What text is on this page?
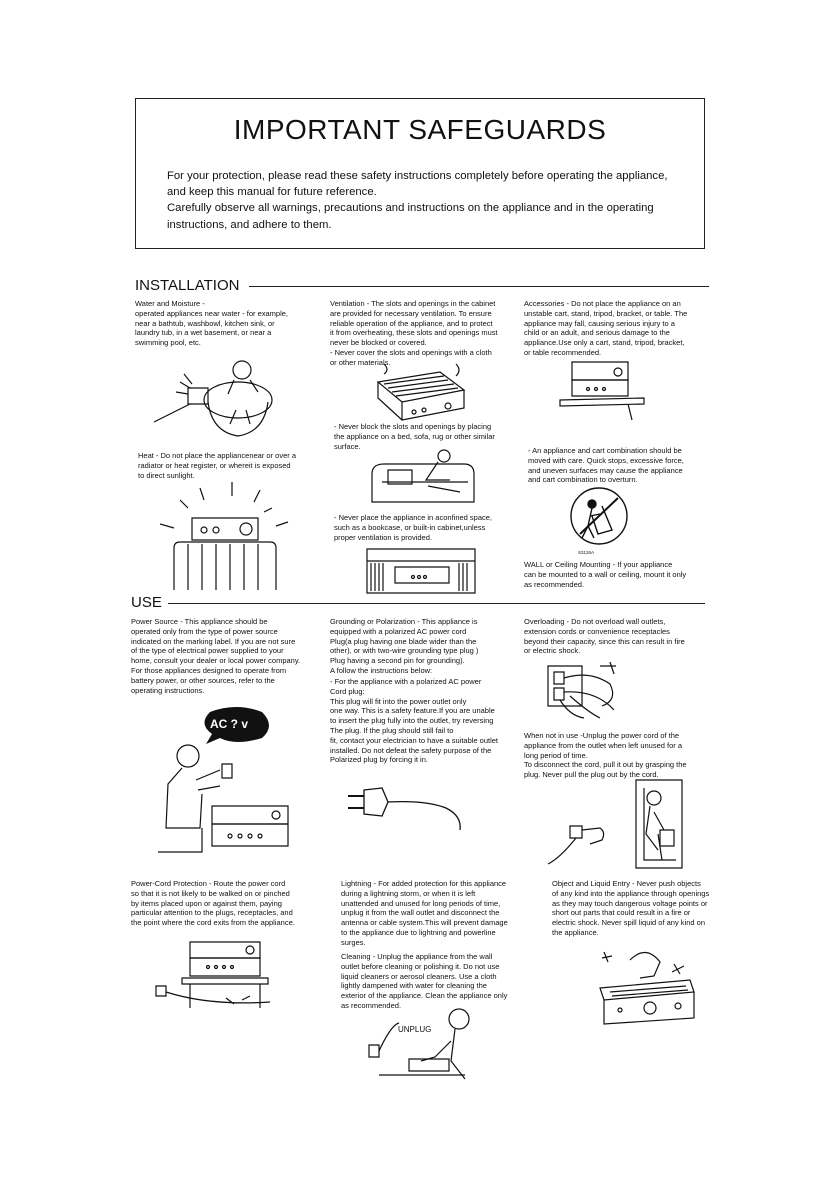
IMPORTANT SAFEGUARDS
For your protection, please read these safety instructions completely before operating the appliance,
and keep this manual for future reference.
Carefully observe all warnings, precautions and instructions on the appliance and in the operating
instructions, and adhere to them.
INSTALLATION
Water and Moisture -
operated appliances near water - for example,
near a bathtub, washbowl, kitchen sink, or
laundry tub, in a wet basement, or near a
swimming pool, etc.
Heat - Do not place the appliancenear or over a
radiator or heat register, or whereit is exposed
to direct sunlight.
Ventilation - The slots and openings in the cabinet
are provided for necessary ventilation. To ensure
reliable operation of the appliance, and to protect
it from overheating, these slots and openings must
never be blocked or covered.
- Never cover the slots and openings with a cloth
or other materials.
- Never block the slots and openings by placing
the appliance on a bed, sofa, rug or other similar
surface.
- Never place the appliance in aconfined space,
such as a bookcase, or built-in cabinet,unless
proper ventilation is provided.
Accessories - Do not place the appliance on an
unstable cart, stand, tripod, bracket, or table. The
appliance may fall, causing serious injury to a
child or an adult, and serious damage to the
appliance.Use only a cart, stand, tripod, bracket,
or table recommended.
- An appliance and cart combination should be
moved with care. Quick stops, excessive force,
and uneven surfaces may cause the appliance
and cart combination to overturn.
S3126A
WALL or Ceiling Mounting - If your appliance
can be mounted to a wall or ceiling, mount it only
as recommended.
USE
Power Source - This appliance should be
operated only from the type of power source
indicated on the marking label. If you are not sure
of the type of electrical power supplied to your
home, consult your dealer or local power company.
For those appliances designed to operate from
battery power, or other sources, refer to the
operating instructions.
AC ? v
Grounding or Polarization - This appliance is
equipped with a polarized AC power cord
Plug(a plug having one blade wider than the
other), or with two-wire grounding type plug )
Plug having a second pin for grounding).
A follow the instructions below:
- For the appliance with a polarized AC power
Cord plug:
This plug will fit into the power outlet only
one way. This is a safety feature.If you are unable
to insert the plug fully into the outlet, try reversing
The plug. If the plug should still fail to
fit, contact your electrician to have a suitable outlet
installed. Do not defeat the safety purpose of the
Polarized plug by forcing it in.
Overloading - Do not overload wall outlets,
extension cords or convenience receptacles
beyond their capacity, since this can result in fire
or electric shock.
When not in use -Unplug the power cord of the
appliance from the outlet when left unused for a
long period of time.
To disconnect the cord, pull it out by grasping the
plug. Never pull the plug out by the cord.
Power-Cord Protection - Route the power cord
so that it is not likely to be walked on or pinched
by items placed upon or against them, paying
particular attention to the plugs, receptacles, and
the point where the cord exits from the appliance.
Lightning - For added protection for this appliance
during a lightning storm, or when it is left
unattended and unused for long periods of time,
unplug it from the wall outlet and disconnect the
antenna or cable system.This will prevent damage
to the appliance due to lightning and powerline
surges.
Cleaning - Unplug the appliance from the wall
outlet before cleaning or polishing it. Do not use
liquid cleaners or aerosol cleaners. Use a cloth
lightly dampened with water for cleaning the
exterior of the appliance. Clean the appliance only
as recommended.
UNPLUG
Object and Liquid Entry - Never push objects
of any kind into the appliance through openings
as they may touch dangerous voltage points or
short out parts that could result in a fire or
electric shock. Never spill liquid of any kind on
the appliance.
